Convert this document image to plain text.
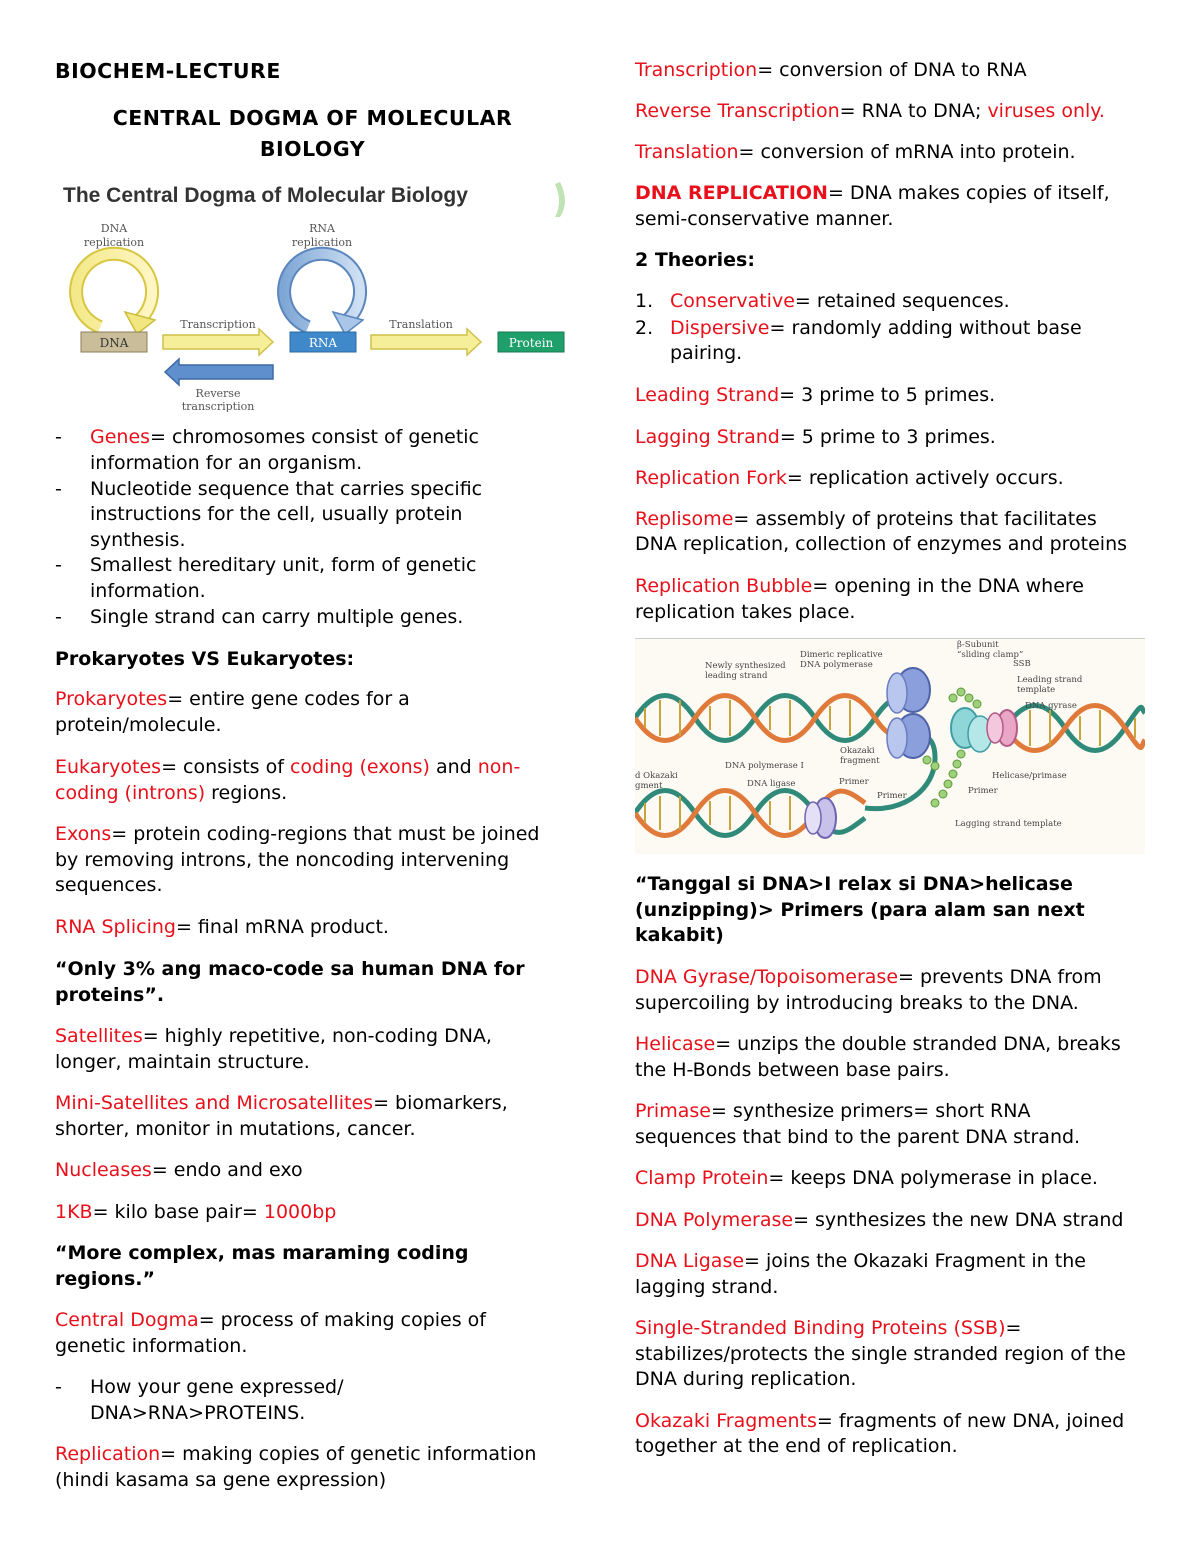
BIOCHEM-LECTURE
CENTRAL DOGMA OF MOLECULAR
BIOLOGY
The Central Dogma of Molecular Biology
DNA
replication
RNA
replication
DNA	RNA	Protein
Transcription	Translation
Reverse
transcription
- Genes= chromosomes consist of genetic
information for an organism.
- Nucleotide sequence that carries specific
instructions for the cell, usually protein
synthesis.
- Smallest hereditary unit, form of genetic
information.
- Single strand can carry multiple genes.
Prokaryotes VS Eukaryotes:
Prokaryotes= entire gene codes for a
protein/molecule.
Eukaryotes= consists of coding (exons) and non-
coding (introns) regions.
Exons= protein coding-regions that must be joined
by removing introns, the noncoding intervening
sequences.
RNA Splicing= final mRNA product.
“Only 3% ang maco-code sa human DNA for
proteins”.
Satellites= highly repetitive, non-coding DNA,
longer, maintain structure.
Mini-Satellites and Microsatellites= biomarkers,
shorter, monitor in mutations, cancer.
Nucleases= endo and exo
1KB= kilo base pair= 1000bp
“More complex, mas maraming coding
regions.”
Central Dogma= process of making copies of
genetic information.
- How your gene expressed/
DNA>RNA>PROTEINS.
Replication= making copies of genetic information
(hindi kasama sa gene expression)
Transcription= conversion of DNA to RNA
Reverse Transcription= RNA to DNA; viruses only.
Translation= conversion of mRNA into protein.
DNA REPLICATION= DNA makes copies of itself,
semi-conservative manner.
2 Theories:
1. Conservative= retained sequences.
2. Dispersive= randomly adding without base
pairing.
Leading Strand= 3 prime to 5 primes.
Lagging Strand= 5 prime to 3 primes.
Replication Fork= replication actively occurs.
Replisome= assembly of proteins that facilitates
DNA replication, collection of enzymes and proteins
Replication Bubble= opening in the DNA where
replication takes place.
Newly synthesized
leading strand
Dimeric replicative
DNA polymerase
β-Subunit
“sliding clamp”
SSB
Leading strand
template
DNA gyrase
Okazaki
fragment
DNA polymerase I
DNA ligase	Primer
Primer	Primer
Helicase/primase
Lagging strand template
d Okazaki
gment
“Tanggal si DNA>I relax si DNA>helicase
(unzipping)> Primers (para alam san next
kakabit)
DNA Gyrase/Topoisomerase= prevents DNA from
supercoiling by introducing breaks to the DNA.
Helicase= unzips the double stranded DNA, breaks
the H-Bonds between base pairs.
Primase= synthesize primers= short RNA
sequences that bind to the parent DNA strand.
Clamp Protein= keeps DNA polymerase in place.
DNA Polymerase= synthesizes the new DNA strand
DNA Ligase= joins the Okazaki Fragment in the
lagging strand.
Single-Stranded Binding Proteins (SSB)=
stabilizes/protects the single stranded region of the
DNA during replication.
Okazaki Fragments= fragments of new DNA, joined
together at the end of replication.
